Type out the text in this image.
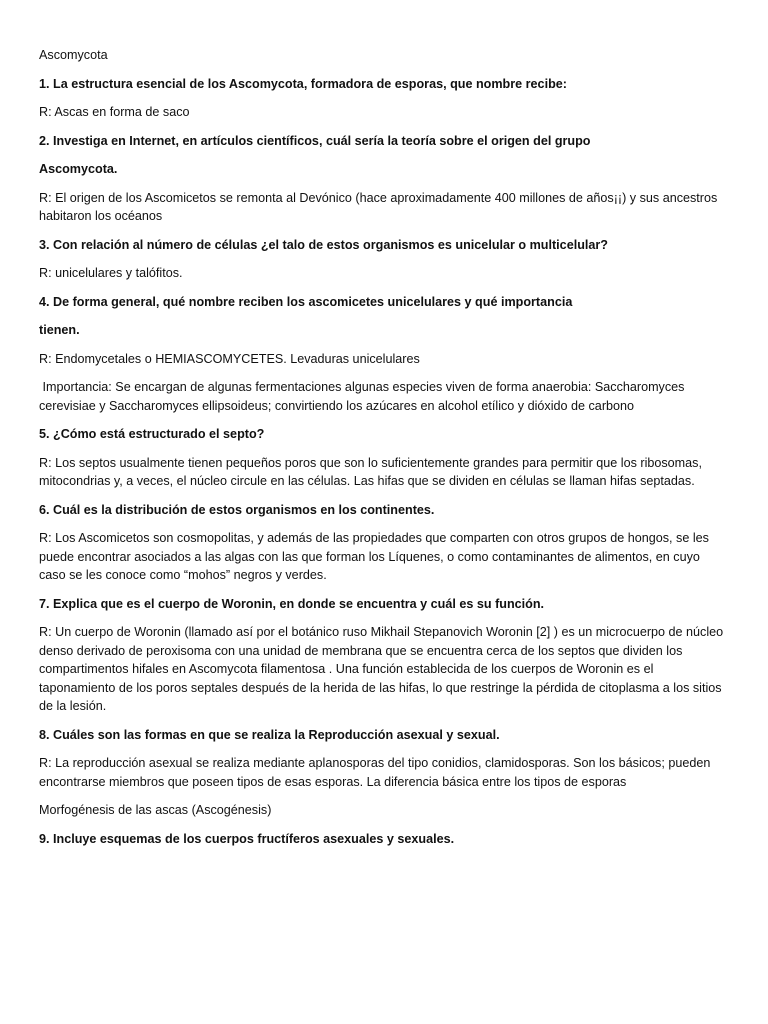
Ascomycota

1. La estructura esencial de los Ascomycota, formadora de esporas, que nombre recibe:

R: Ascas en forma de saco

2. Investiga en Internet, en artículos científicos, cuál sería la teoría sobre el origen del grupo

Ascomycota.

R: El origen de los Ascomicetos se remonta al Devónico (hace aproximadamente 400 millones de años¡¡) y sus ancestros habitaron los océanos

3. Con relación al número de células ¿el talo de estos organismos es unicelular o multicelular?

R: unicelulares y talófitos.

4. De forma general, qué nombre reciben los ascomicetes unicelulares y qué importancia

tienen.

R: Endomycetales o HEMIASCOMYCETES. Levaduras unicelulares

Importancia: Se encargan de algunas fermentaciones algunas especies viven de forma anaerobia: Saccharomyces cerevisiae y Saccharomyces ellipsoideus; convirtiendo los azúcares en alcohol etílico y dióxido de carbono

5. ¿Cómo está estructurado el septo?

R: Los septos usualmente tienen pequeños poros que son lo suficientemente grandes para permitir que los ribosomas, mitocondrias y, a veces, el núcleo circule en las células. Las hifas que se dividen en células se llaman hifas septadas.

6. Cuál es la distribución de estos organismos en los continentes.

R: Los Ascomicetos son cosmopolitas, y además de las propiedades que comparten con otros grupos de hongos, se les puede encontrar asociados a las algas con las que forman los Líquenes, o como contaminantes de alimentos, en cuyo caso se les conoce como “mohos” negros y verdes.

7. Explica que es el cuerpo de Woronin, en donde se encuentra y cuál es su función.

R: Un cuerpo de Woronin (llamado así por el botánico ruso Mikhail Stepanovich Woronin [2] ) es un microcuerpo de núcleo denso derivado de peroxisoma con una unidad de membrana que se encuentra cerca de los septos que dividen los compartimentos hifales en Ascomycota filamentosa . Una función establecida de los cuerpos de Woronin es el taponamiento de los poros septales después de la herida de las hifas, lo que restringe la pérdida de citoplasma a los sitios de la lesión.

8. Cuáles son las formas en que se realiza la Reproducción asexual y sexual.

R: La reproducción asexual se realiza mediante aplanosporas del tipo conidios, clamidosporas. Son los básicos; pueden encontrarse miembros que poseen tipos de esas esporas. La diferencia básica entre los tipos de esporas

Morfogénesis de las ascas (Ascogénesis)

9. Incluye esquemas de los cuerpos fructíferos asexuales y sexuales.
